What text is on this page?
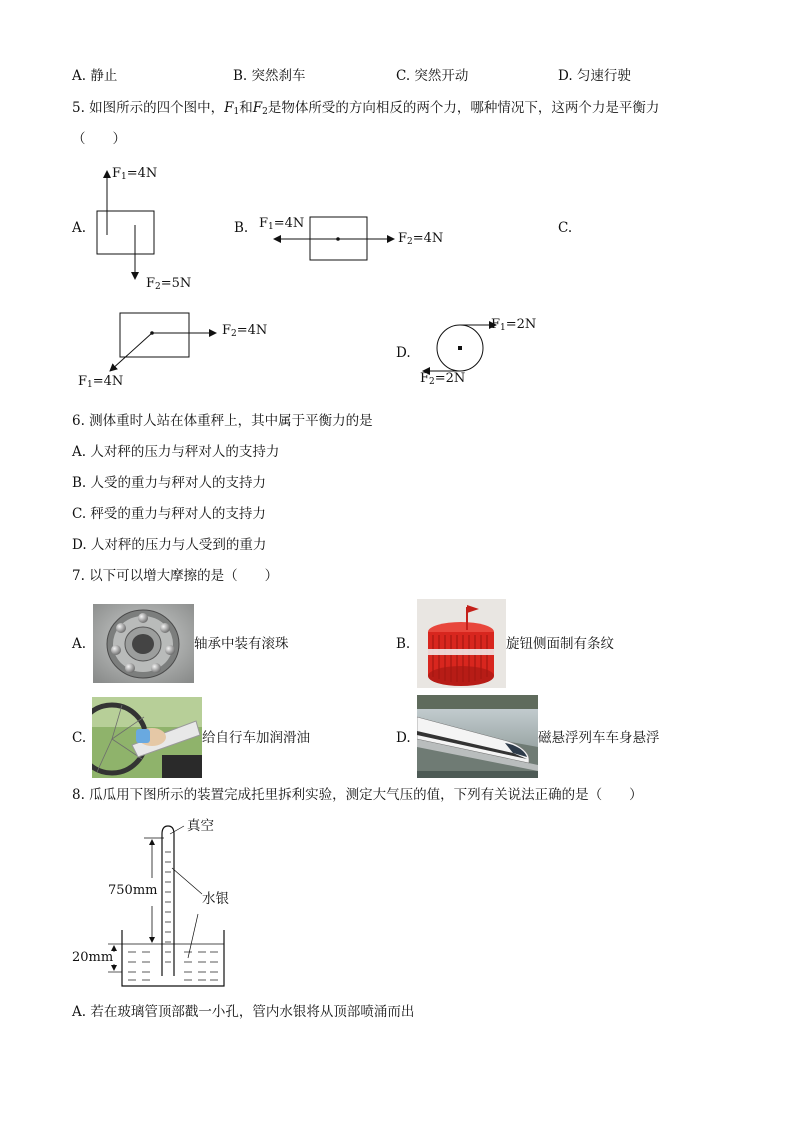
A. 静止	B. 突然刹车	C. 突然开动	D. 匀速行驶
5. 如图所示的四个图中，$F_1$和$F_2$是物体所受的方向相反的两个力，哪种情况下，这两个力是平衡力
（　　）
A.	B.	C.
D.
$F_1=4N$
$F_2=5N$
$F_1=4N$
$F_2=4N$
$F_2=4N$
$F_1=4N$
$F_1=2N$
$F_2=2N$
6. 测体重时人站在体重秤上，其中属于平衡力的是
A. 人对秤的压力与秤对人的支持力
B. 人受的重力与秤对人的支持力
C. 秤受的重力与秤对人的支持力
D. 人对秤的压力与人受到的重力
7. 以下可以增大摩擦的是（　　）
A.	轴承中装有滚珠	B.	旋钮侧面制有条纹
C.	给自行车加润滑油	D.	磁悬浮列车车身悬浮
8. 瓜瓜用下图所示的装置完成托里拆利实验，测定大气压的值，下列有关说法正确的是（　　）
真空
水银
750mm
20mm
A. 若在玻璃管顶部戳一小孔，管内水银将从顶部喷涌而出
